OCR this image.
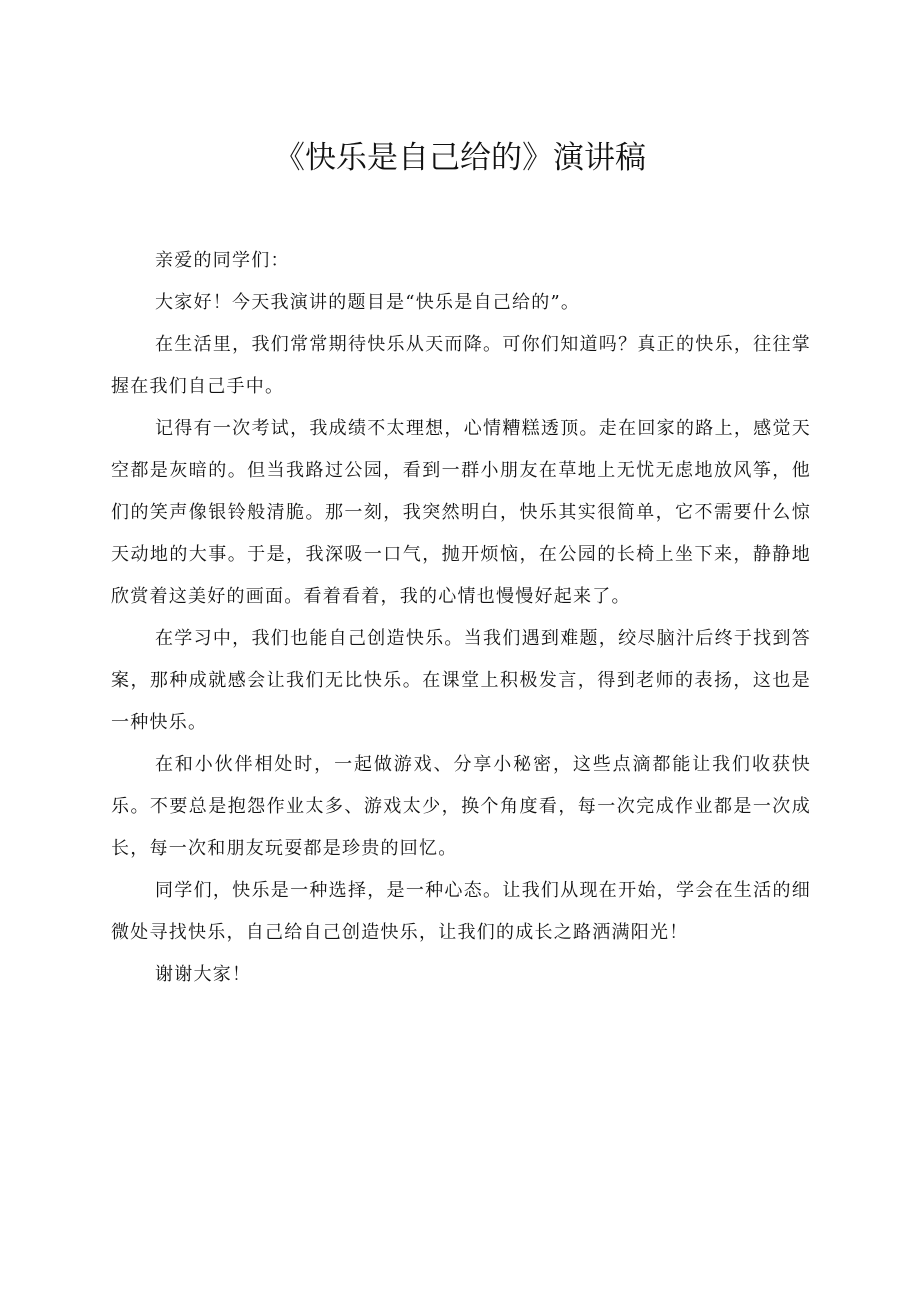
《快乐是自己给的》演讲稿

亲爱的同学们：

大家好！今天我演讲的题目是“快乐是自己给的”。

在生活里，我们常常期待快乐从天而降。可你们知道吗？真正的快乐，往往掌握在我们自己手中。

记得有一次考试，我成绩不太理想，心情糟糕透顶。走在回家的路上，感觉天空都是灰暗的。但当我路过公园，看到一群小朋友在草地上无忧无虑地放风筝，他们的笑声像银铃般清脆。那一刻，我突然明白，快乐其实很简单，它不需要什么惊天动地的大事。于是，我深吸一口气，抛开烦恼，在公园的长椅上坐下来，静静地欣赏着这美好的画面。看着看着，我的心情也慢慢好起来了。

在学习中，我们也能自己创造快乐。当我们遇到难题，绞尽脑汁后终于找到答案，那种成就感会让我们无比快乐。在课堂上积极发言，得到老师的表扬，这也是一种快乐。

在和小伙伴相处时，一起做游戏、分享小秘密，这些点滴都能让我们收获快乐。不要总是抱怨作业太多、游戏太少，换个角度看，每一次完成作业都是一次成长，每一次和朋友玩耍都是珍贵的回忆。

同学们，快乐是一种选择，是一种心态。让我们从现在开始，学会在生活的细微处寻找快乐，自己给自己创造快乐，让我们的成长之路洒满阳光！

谢谢大家！
